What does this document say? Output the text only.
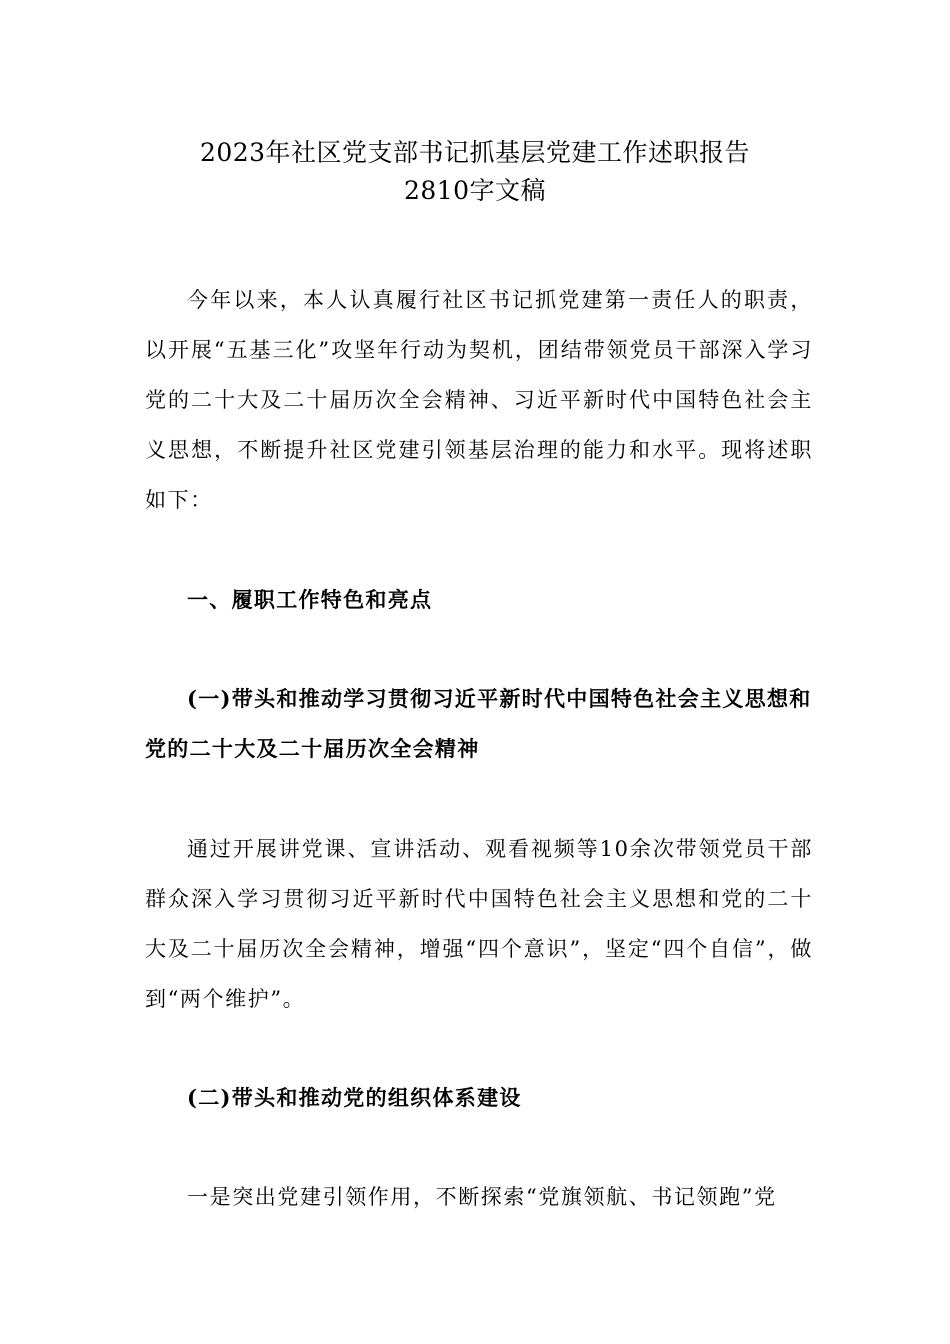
2023年社区党支部书记抓基层党建工作述职报告
2810字文稿
今年以来，本人认真履行社区书记抓党建第一责任人的职责，以开展“五基三化”攻坚年行动为契机，团结带领党员干部深入学习党的二十大及二十届历次全会精神、习近平新时代中国特色社会主义思想，不断提升社区党建引领基层治理的能力和水平。现将述职如下：
一、履职工作特色和亮点
(一)带头和推动学习贯彻习近平新时代中国特色社会主义思想和党的二十大及二十届历次全会精神
通过开展讲党课、宣讲活动、观看视频等10余次带领党员干部群众深入学习贯彻习近平新时代中国特色社会主义思想和党的二十大及二十届历次全会精神，增强“四个意识”，坚定“四个自信”，做到“两个维护”。
(二)带头和推动党的组织体系建设
一是突出党建引领作用，不断探索“党旗领航、书记领跑”党
